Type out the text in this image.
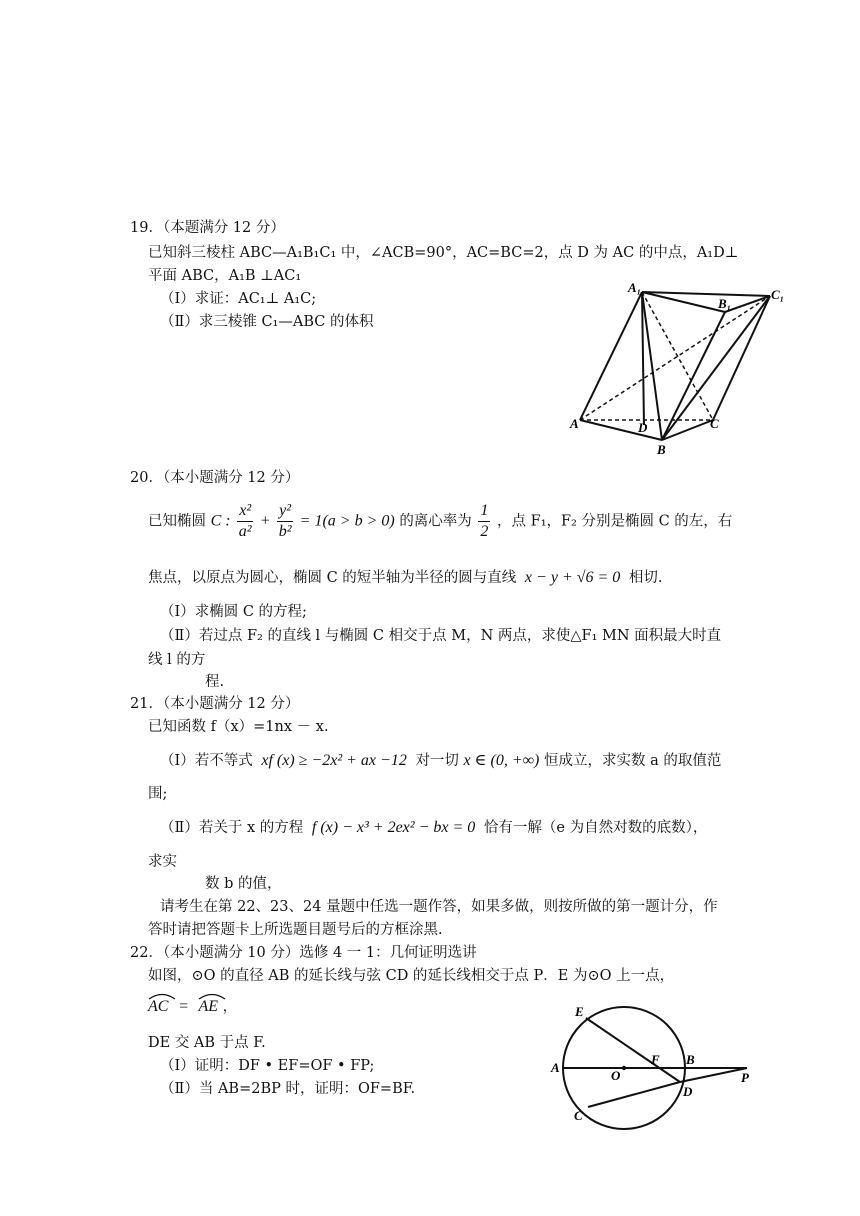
19．（本题满分 12 分）
已知斜三棱柱 ABC—A₁B₁C₁ 中，∠ACB=90°，AC=BC=2，点 D 为 AC 的中点，A₁D⊥
平面 ABC，A₁B ⊥AC₁
（I）求证：AC₁⊥ A₁C;
（Ⅱ）求三棱锥 C₁—ABC 的体积
A₁
B₁
C₁
A	D	C
B
20．（本小题满分 12 分）
已知椭圆 C : $\frac{\text{x²}}{\text{a²}} + \frac{\text{y²}}{\text{b²}} = 1(a > b > 0)$ 的离心率为 $\frac{1}{2}$ ，点 F₁，F₂ 分别是椭圆 C 的左，右
焦点，以原点为圆心，椭圆 C 的短半轴为半径的圆与直线 x − y + √6 = 0 相切.
（I）求椭圆 C 的方程;
（Ⅱ）若过点 F₂ 的直线 l 与椭圆 C 相交于点 M，N 两点，求使△F₁ MN 面积最大时直
线 l 的方
程.
21．（本小题满分 12 分）
已知函数 f（x）=1nx － x.
（I）若不等式 xf (x) ≥ −2x² + ax −12 对一切 x ∈ (0, +∞) 恒成立，求实数 a 的取值范
围;
（Ⅱ）若关于 x 的方程 f (x) − x³ + 2ex² − bx = 0 恰有一解（e 为自然对数的底数），
求实
数 b 的值，
请考生在第 22、23、24 量题中任选一题作答，如果多做，则按所做的第一题计分，作
答时请把答题卡上所选题目题号后的方框涂黑.
22．（本小题满分 10 分）选修 4 一 1：几何证明选讲
如图，⊙O 的直径 AB 的延长线与弦 CD 的延长线相交于点 P．E 为⊙O 上一点，
AC = AE ，
DE 交 AB 于点 F.
（I）证明：DF • EF=OF • FP;
（Ⅱ）当 AB=2BP 时，证明：OF=BF.
E
A
O
F B
P
D
C
